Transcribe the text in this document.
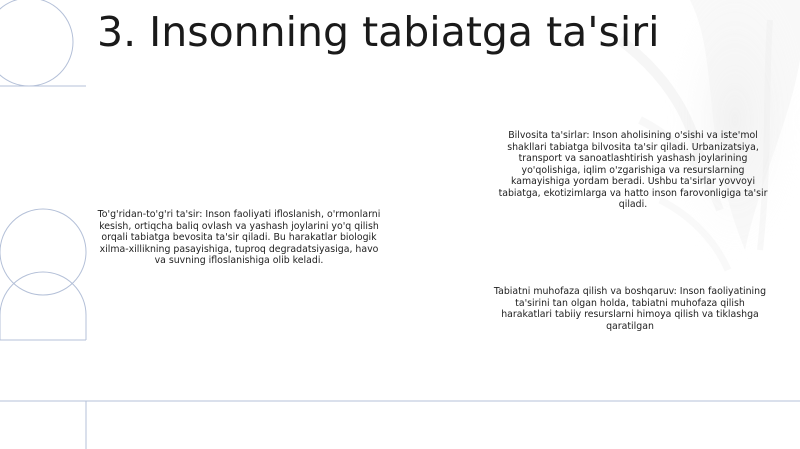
3. Insonning tabiatga ta'siri

To'g'ridan-to'g'ri ta'sir: Inson faoliyati ifloslanish, o'rmonlarni kesish, ortiqcha baliq ovlash va yashash joylarini yo'q qilish orqali tabiatga bevosita ta'sir qiladi. Bu harakatlar biologik xilma-xillikning pasayishiga, tuproq degradatsiyasiga, havo va suvning ifloslanishiga olib keladi.

Bilvosita ta'sirlar: Inson aholisining o'sishi va iste'mol shakllari tabiatga bilvosita ta'sir qiladi. Urbanizatsiya, transport va sanoatlashtirish yashash joylarining yo'qolishiga, iqlim o'zgarishiga va resurslarning kamayishiga yordam beradi. Ushbu ta'sirlar yovvoyi tabiatga, ekotizimlarga va hatto inson farovonligiga ta'sir qiladi.

Tabiatni muhofaza qilish va boshqaruv: Inson faoliyatining ta'sirini tan olgan holda, tabiatni muhofaza qilish harakatlari tabiiy resurslarni himoya qilish va tiklashga qaratilgan
